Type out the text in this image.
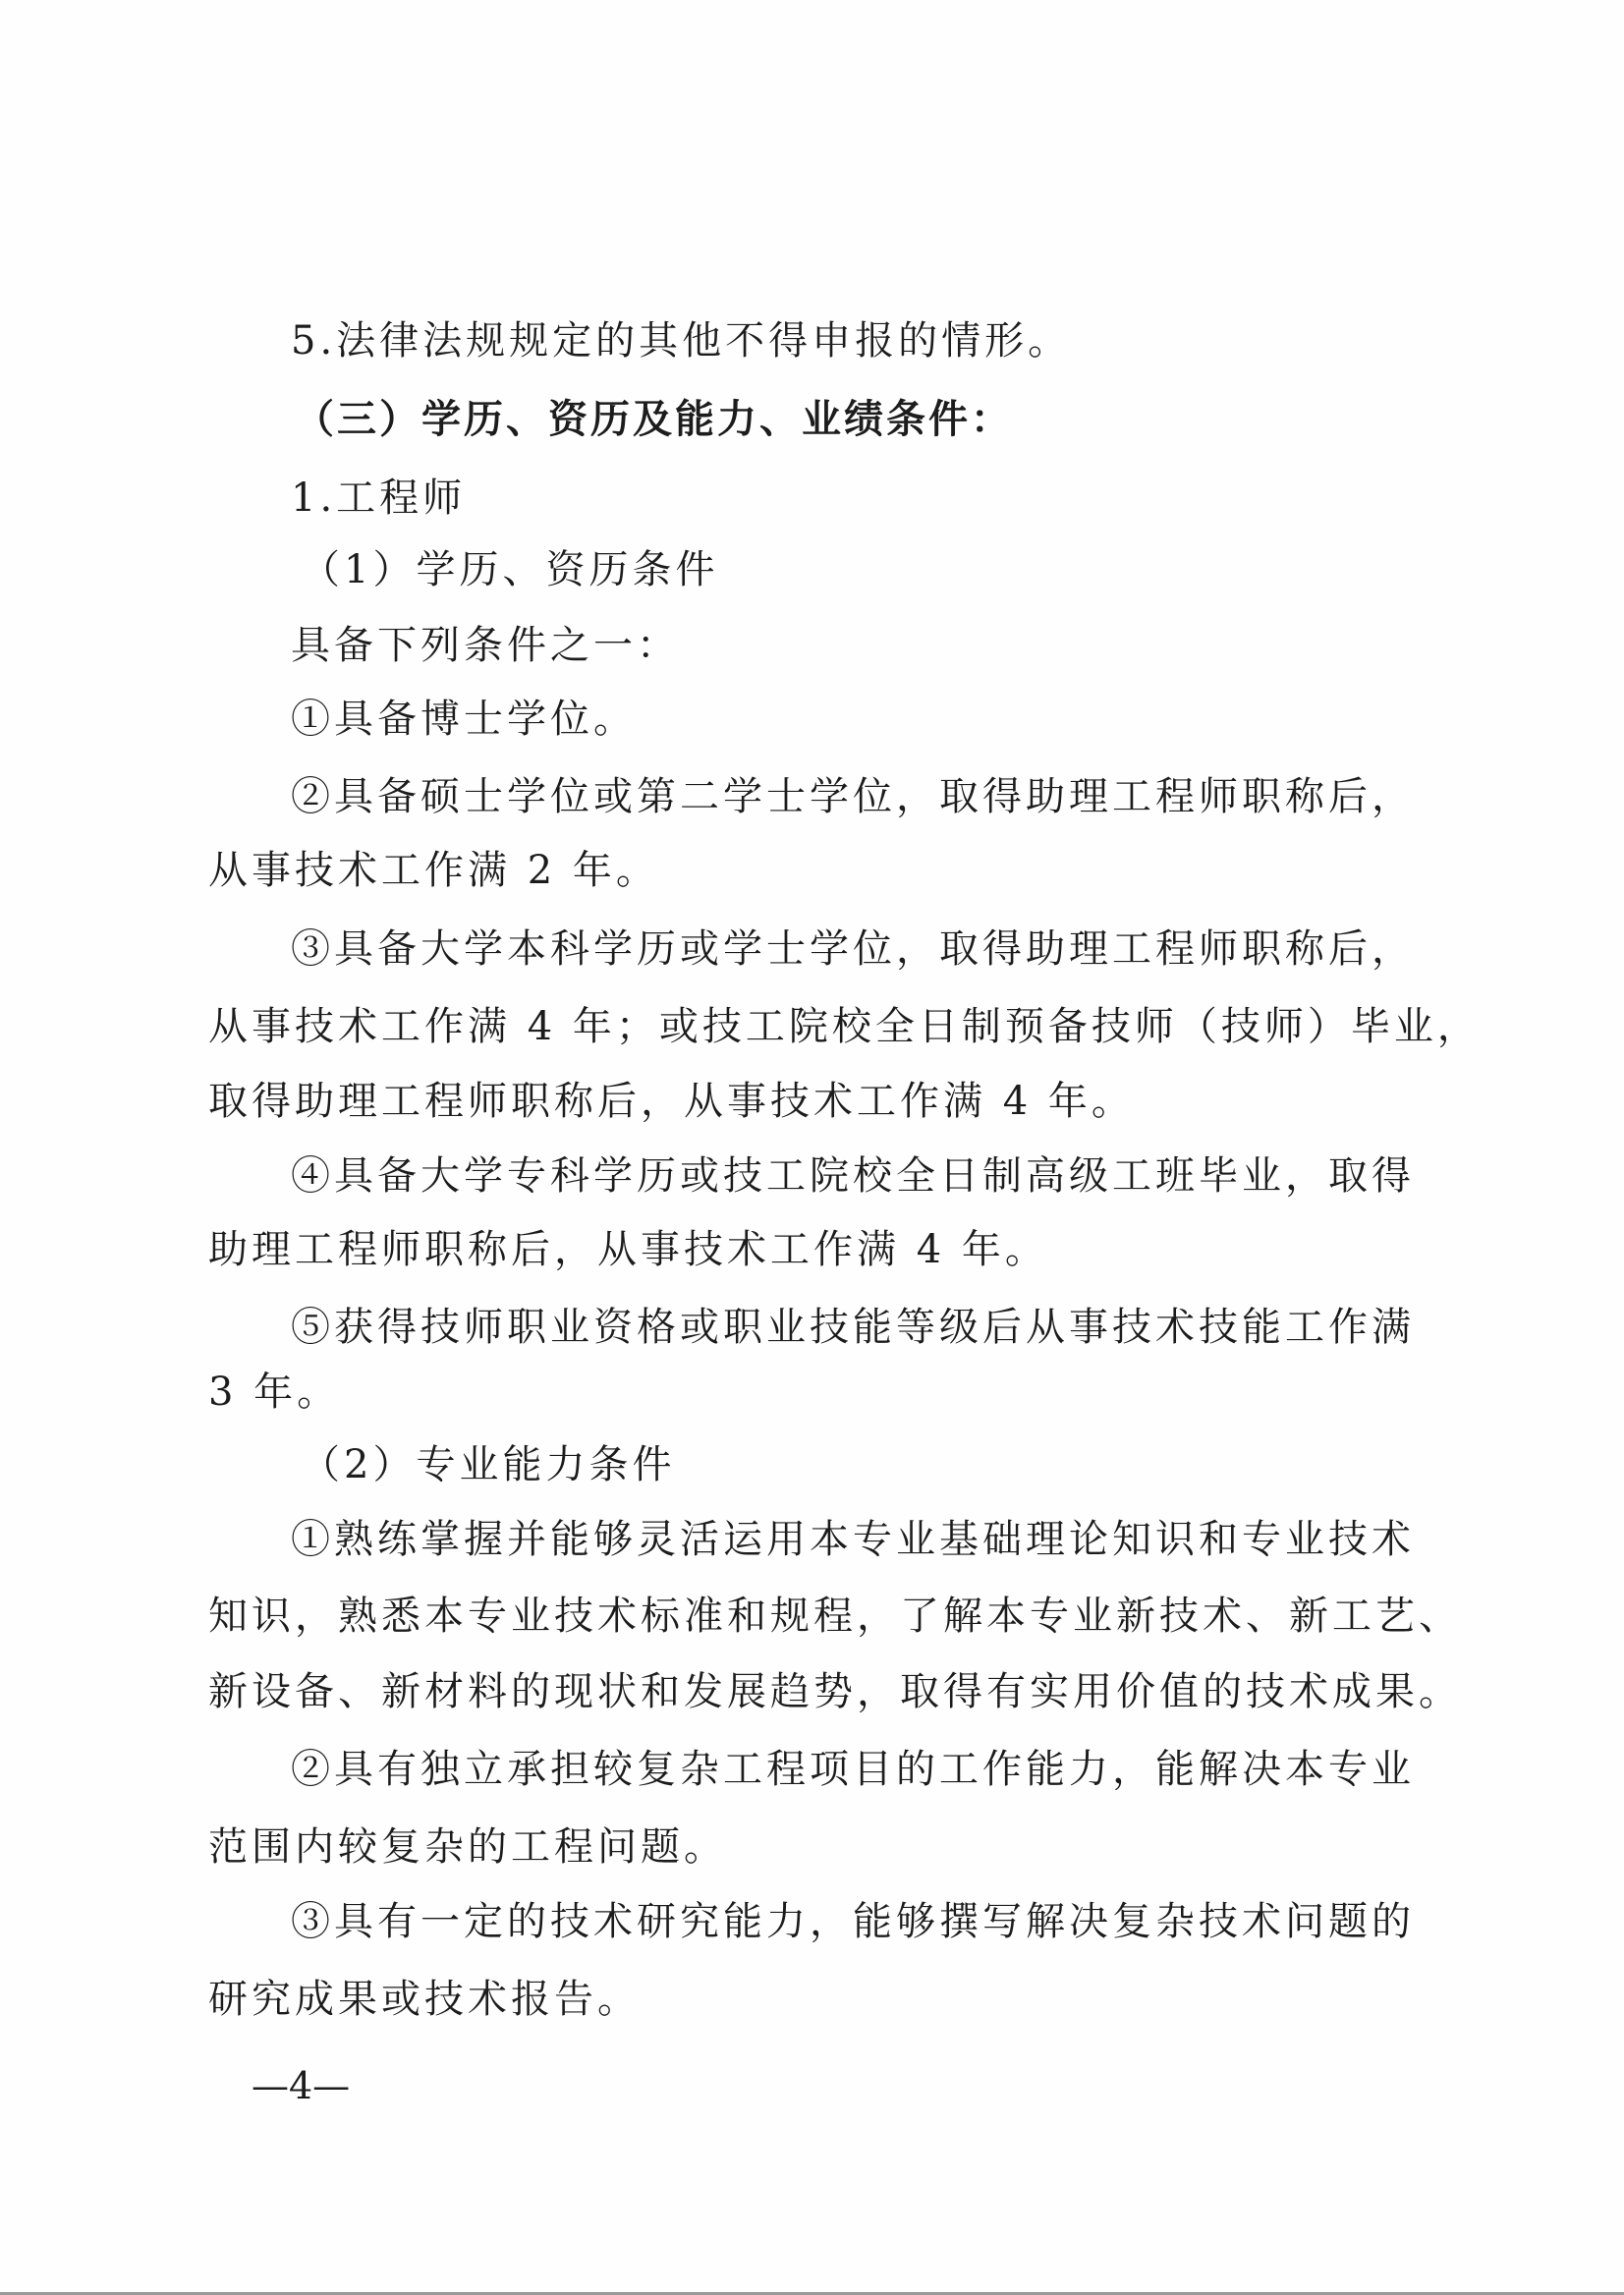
5.法律法规规定的其他不得申报的情形。
（三）学历、资历及能力、业绩条件：
1.工程师
（1）学历、资历条件
具备下列条件之一：
①具备博士学位。
②具备硕士学位或第二学士学位，取得助理工程师职称后，
从事技术工作满 2 年。
③具备大学本科学历或学士学位，取得助理工程师职称后，
从事技术工作满 4 年；或技工院校全日制预备技师（技师）毕业，
取得助理工程师职称后，从事技术工作满 4 年。
④具备大学专科学历或技工院校全日制高级工班毕业，取得
助理工程师职称后，从事技术工作满 4 年。
⑤获得技师职业资格或职业技能等级后从事技术技能工作满
3 年。
（2）专业能力条件
①熟练掌握并能够灵活运用本专业基础理论知识和专业技术
知识，熟悉本专业技术标准和规程，了解本专业新技术、新工艺、
新设备、新材料的现状和发展趋势，取得有实用价值的技术成果。
②具有独立承担较复杂工程项目的工作能力，能解决本专业
范围内较复杂的工程问题。
③具有一定的技术研究能力，能够撰写解决复杂技术问题的
研究成果或技术报告。
—4—
